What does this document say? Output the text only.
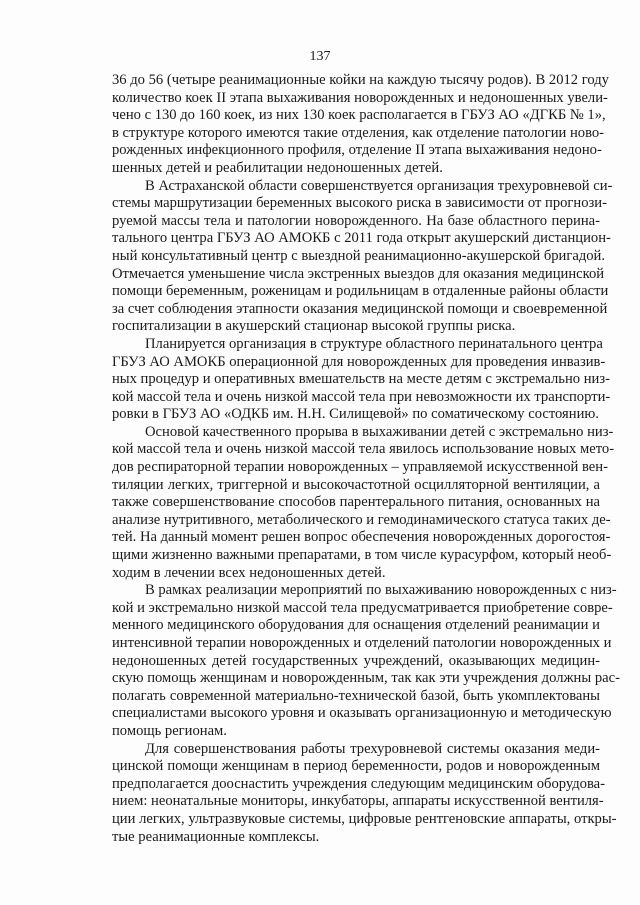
137
36 до 56 (четыре реанимационные койки на каждую тысячу родов). В 2012 году
количество коек II этапа выхаживания новорожденных и недоношенных увели-
чено с 130 до 160 коек, из них 130 коек располагается в ГБУЗ АО «ДГКБ № 1»,
в структуре которого имеются такие отделения, как отделение патологии ново-
рожденных инфекционного профиля, отделение II этапа выхаживания недоно-
шенных детей и реабилитации недоношенных детей.
В Астраханской области совершенствуется организация трехуровневой си-
стемы маршрутизации беременных высокого риска в зависимости от прогнози-
руемой массы тела и патологии новорожденного. На базе областного перина-
тального центра ГБУЗ АО АМОКБ с 2011 года открыт акушерский дистанцион-
ный консультативный центр с выездной реанимационно-акушерской бригадой.
Отмечается уменьшение числа экстренных выездов для оказания медицинской
помощи беременным, роженицам и родильницам в отдаленные районы области
за счет соблюдения этапности оказания медицинской помощи и своевременной
госпитализации в акушерский стационар высокой группы риска.
Планируется организация в структуре областного перинатального центра
ГБУЗ АО АМОКБ операционной для новорожденных для проведения инвазив-
ных процедур и оперативных вмешательств на месте детям с экстремально низ-
кой массой тела и очень низкой массой тела при невозможности их транспорти-
ровки в ГБУЗ АО «ОДКБ им. Н.Н. Силищевой» по соматическому состоянию.
Основой качественного прорыва в выхаживании детей с экстремально низ-
кой массой тела и очень низкой массой тела явилось использование новых мето-
дов респираторной терапии новорожденных – управляемой искусственной вен-
тиляции легких, триггерной и высокочастотной осцилляторной вентиляции, а
также совершенствование способов парентерального питания, основанных на
анализе нутритивного, метаболического и гемодинамического статуса таких де-
тей. На данный момент решен вопрос обеспечения новорожденных дорогостоя-
щими жизненно важными препаратами, в том числе курасурфом, который необ-
ходим в лечении всех недоношенных детей.
В рамках реализации мероприятий по выхаживанию новорожденных с низ-
кой и экстремально низкой массой тела предусматривается приобретение совре-
менного медицинского оборудования для оснащения отделений реанимации и
интенсивной терапии новорожденных и отделений патологии новорожденных и
недоношенных детей государственных учреждений, оказывающих медицин-
скую помощь женщинам и новорожденным, так как эти учреждения должны рас-
полагать современной материально-технической базой, быть укомплектованы
специалистами высокого уровня и оказывать организационную и методическую
помощь регионам.
Для совершенствования работы трехуровневой системы оказания меди-
цинской помощи женщинам в период беременности, родов и новорожденным
предполагается дооснастить учреждения следующим медицинским оборудова-
нием: неонатальные мониторы, инкубаторы, аппараты искусственной вентиля-
ции легких, ультразвуковые системы, цифровые рентгеновские аппараты, откры-
тые реанимационные комплексы.
